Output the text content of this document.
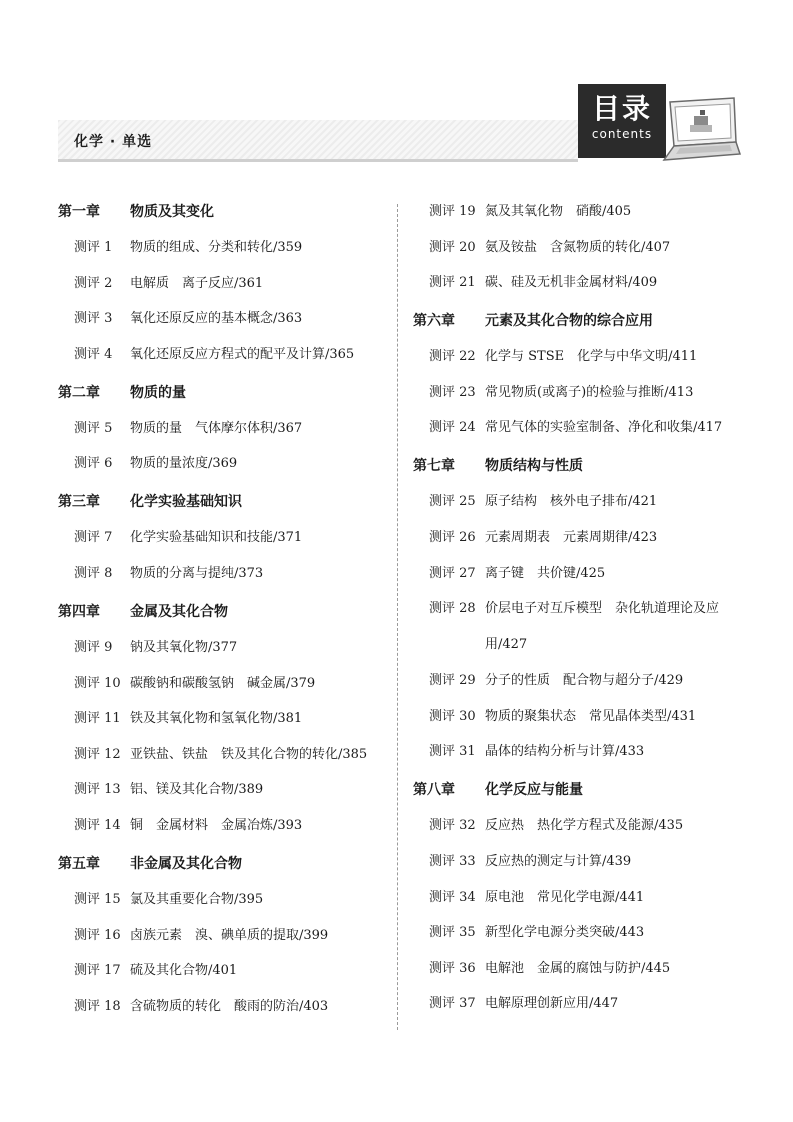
化学 · 单选
目录
contents
第一章 物质及其变化
测评 1 物质的组成、分类和转化/359
测评 2 电解质　离子反应/361
测评 3 氧化还原反应的基本概念/363
测评 4 氧化还原反应方程式的配平及计算/365
第二章 物质的量
测评 5 物质的量　气体摩尔体积/367
测评 6 物质的量浓度/369
第三章 化学实验基础知识
测评 7 化学实验基础知识和技能/371
测评 8 物质的分离与提纯/373
第四章 金属及其化合物
测评 9 钠及其氧化物/377
测评 10 碳酸钠和碳酸氢钠　碱金属/379
测评 11 铁及其氧化物和氢氧化物/381
测评 12 亚铁盐、铁盐　铁及其化合物的转化/385
测评 13 铝、镁及其化合物/389
测评 14 铜　金属材料　金属冶炼/393
第五章 非金属及其化合物
测评 15 氯及其重要化合物/395
测评 16 卤族元素　溴、碘单质的提取/399
测评 17 硫及其化合物/401
测评 18 含硫物质的转化　酸雨的防治/403
测评 19 氮及其氧化物　硝酸/405
测评 20 氨及铵盐　含氮物质的转化/407
测评 21 碳、硅及无机非金属材料/409
第六章 元素及其化合物的综合应用
测评 22 化学与 STSE　化学与中华文明/411
测评 23 常见物质(或离子)的检验与推断/413
测评 24 常见气体的实验室制备、净化和收集/417
第七章 物质结构与性质
测评 25 原子结构　核外电子排布/421
测评 26 元素周期表　元素周期律/423
测评 27 离子键　共价键/425
测评 28 价层电子对互斥模型　杂化轨道理论及应用/427
测评 29 分子的性质　配合物与超分子/429
测评 30 物质的聚集状态　常见晶体类型/431
测评 31 晶体的结构分析与计算/433
第八章 化学反应与能量
测评 32 反应热　热化学方程式及能源/435
测评 33 反应热的测定与计算/439
测评 34 原电池　常见化学电源/441
测评 35 新型化学电源分类突破/443
测评 36 电解池　金属的腐蚀与防护/445
测评 37 电解原理创新应用/447
